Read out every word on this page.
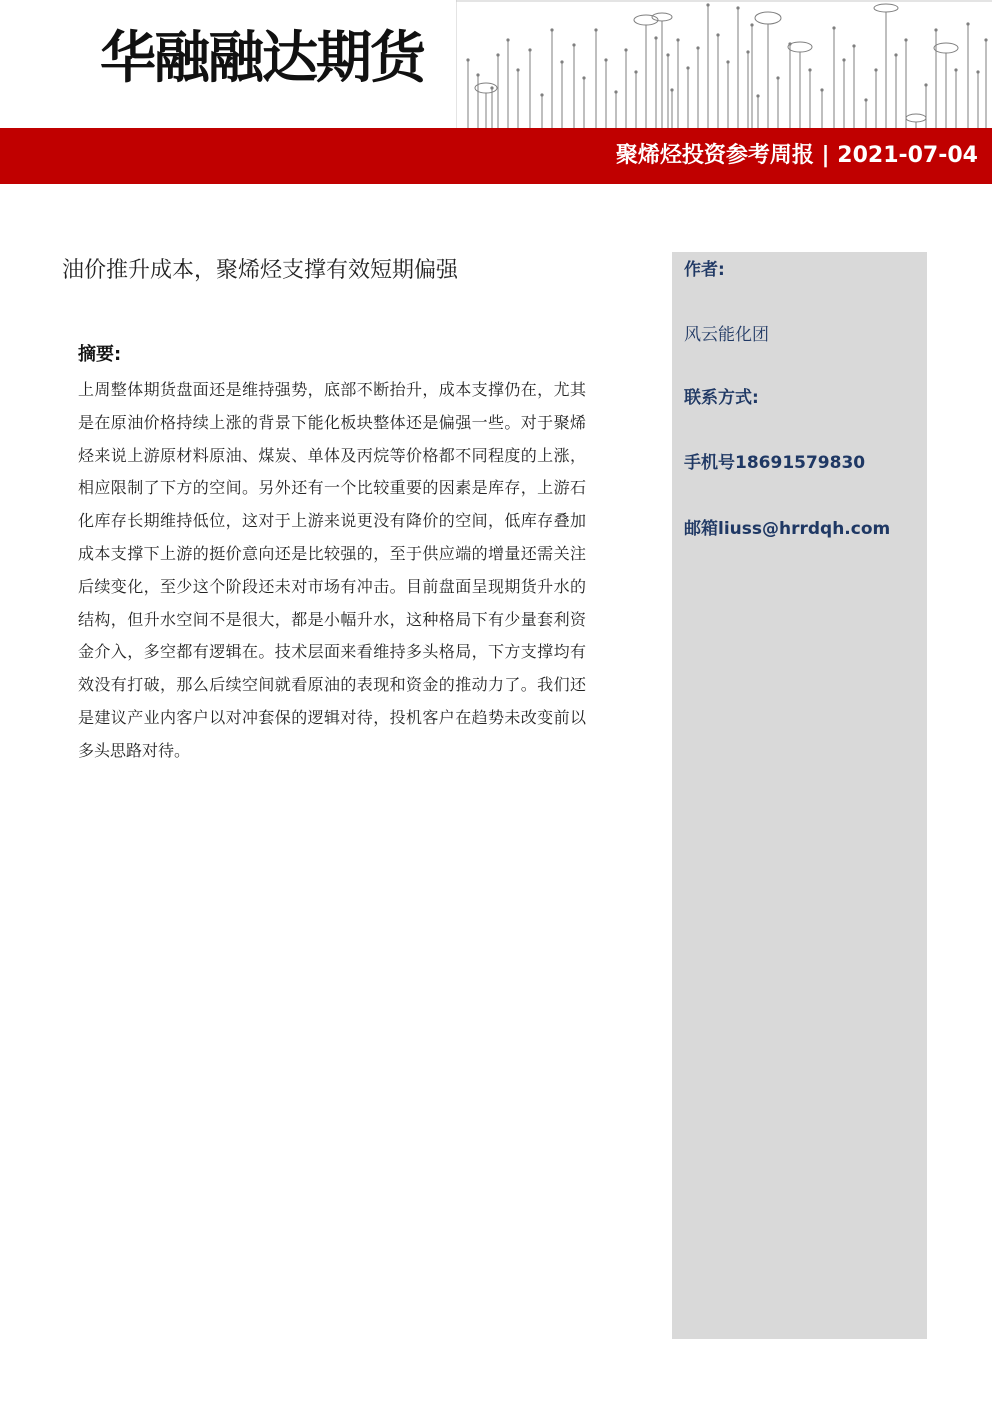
华融融达期货
聚烯烃投资参考周报 | 2021-07-04
油价推升成本，聚烯烃支撑有效短期偏强
摘要:
上周整体期货盘面还是维持强势，底部不断抬升，成本支撑仍在，尤其是在原油价格持续上涨的背景下能化板块整体还是偏强一些。对于聚烯烃来说上游原材料原油、煤炭、单体及丙烷等价格都不同程度的上涨，相应限制了下方的空间。另外还有一个比较重要的因素是库存，上游石化库存长期维持低位，这对于上游来说更没有降价的空间，低库存叠加成本支撑下上游的挺价意向还是比较强的，至于供应端的增量还需关注后续变化，至少这个阶段还未对市场有冲击。目前盘面呈现期货升水的结构，但升水空间不是很大，都是小幅升水，这种格局下有少量套利资金介入，多空都有逻辑在。技术层面来看维持多头格局，下方支撑均有效没有打破，那么后续空间就看原油的表现和资金的推动力了。我们还是建议产业内客户以对冲套保的逻辑对待，投机客户在趋势未改变前以多头思路对待。
作者:
风云能化团
联系方式:
手机号18691579830
邮箱liuss@hrrdqh.com
